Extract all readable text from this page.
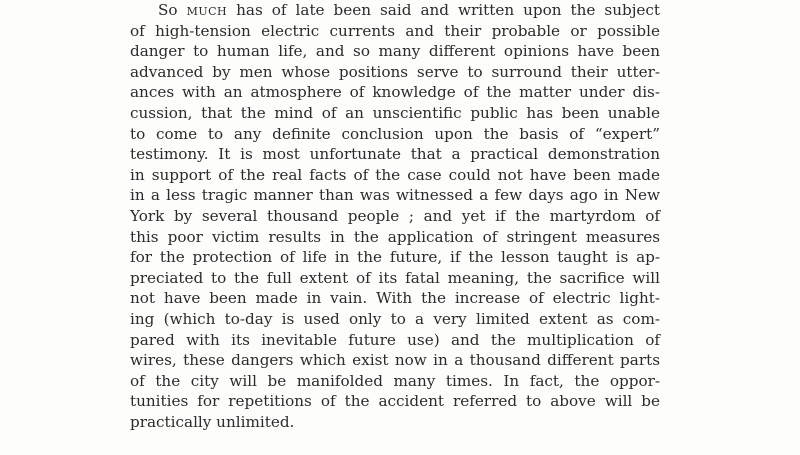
So much has of late been said and written upon the subject
of high-tension electric currents and their probable or possible
danger to human life, and so many different opinions have been
advanced by men whose positions serve to surround their utter-
ances with an atmosphere of knowledge of the matter under dis-
cussion, that the mind of an unscientific public has been unable
to come to any definite conclusion upon the basis of “expert”
testimony. It is most unfortunate that a practical demonstration
in support of the real facts of the case could not have been made
in a less tragic manner than was witnessed a few days ago in New
York by several thousand people ; and yet if the martyrdom of
this poor victim results in the application of stringent measures
for the protection of life in the future, if the lesson taught is ap-
preciated to the full extent of its fatal meaning, the sacrifice will
not have been made in vain. With the increase of electric light-
ing (which to-day is used only to a very limited extent as com-
pared with its inevitable future use) and the multiplication of
wires, these dangers which exist now in a thousand different parts
of the city will be manifolded many times. In fact, the oppor-
tunities for repetitions of the accident referred to above will be
practically unlimited.
